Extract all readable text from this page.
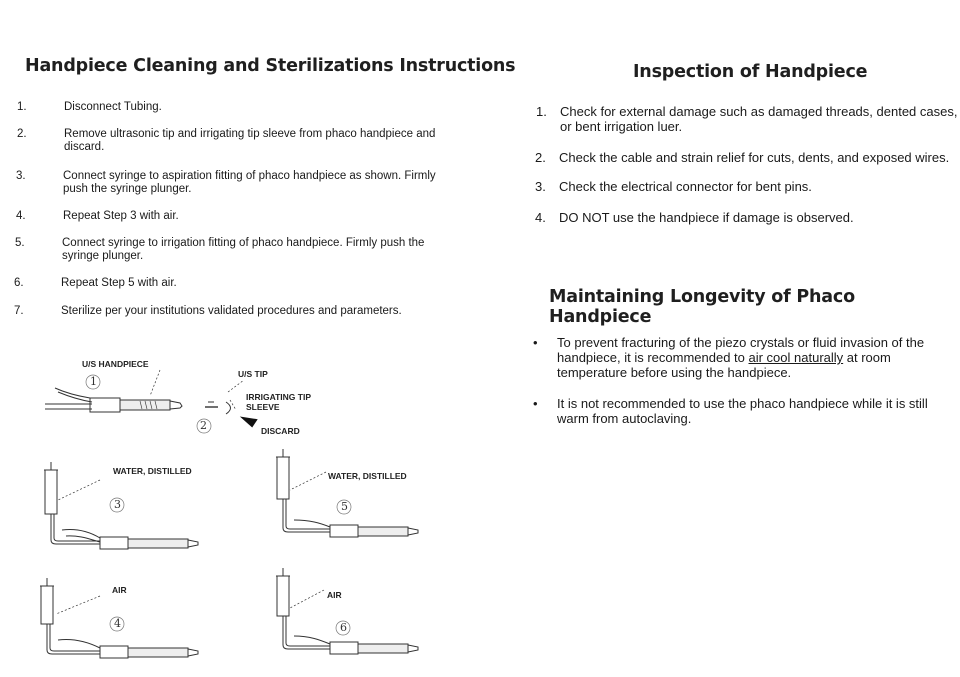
Handpiece Cleaning and Sterilizations Instructions	Inspection of Handpiece
Maintaining Longevity of Phaco Handpiece
1.	Disconnect Tubing.
2.	Remove ultrasonic tip and irrigating tip sleeve from phaco handpiece and discard.
3.	Connect syringe to aspiration fitting of phaco handpiece as shown. Firmly push the syringe plunger.
4.	Repeat Step 3 with air.
5.	Connect syringe to irrigation fitting of phaco handpiece. Firmly push the syringe plunger.
6.	Repeat Step 5 with air.
7.	Sterilize per your institutions validated procedures and parameters.
1. Check for external damage such as damaged threads, dented cases, or bent irrigation luer.
2. Check the cable and strain relief for cuts, dents, and exposed wires.
3. Check the electrical connector for bent pins.
4. DO NOT use the handpiece if damage is observed.
• To prevent fracturing of the piezo crystals or fluid invasion of the handpiece, it is recommended to air cool naturally at room temperature before using the handpiece.
• It is not recommended to use the phaco handpiece while it is still warm from autoclaving.
U/S HANDPIECE
U/S TIP
IRRIGATING TIP SLEEVE
DISCARD
1
2
WATER, DISTILLED	WATER, DISTILLED
AIR	AIR
3
4
5
6
